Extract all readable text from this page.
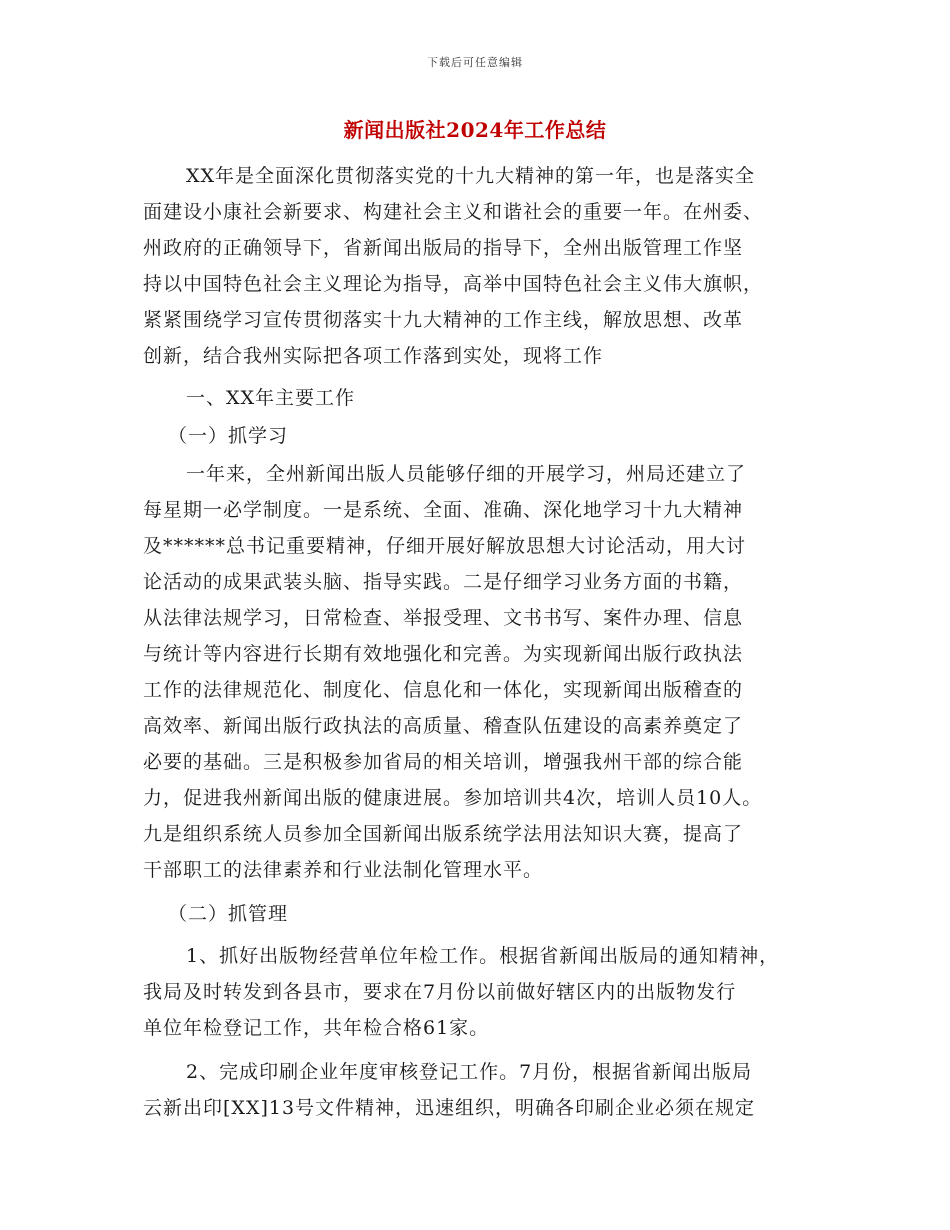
下载后可任意编辑
新闻出版社2024年工作总结
XX年是全面深化贯彻落实党的十九大精神的第一年，也是落实全
面建设小康社会新要求、构建社会主义和谐社会的重要一年。在州委、
州政府的正确领导下，省新闻出版局的指导下，全州出版管理工作坚
持以中国特色社会主义理论为指导，高举中国特色社会主义伟大旗帜，
紧紧围绕学习宣传贯彻落实十九大精神的工作主线，解放思想、改革
创新，结合我州实际把各项工作落到实处，现将工作
一、XX年主要工作
（一）抓学习
一年来，全州新闻出版人员能够仔细的开展学习，州局还建立了
每星期一必学制度。一是系统、全面、准确、深化地学习十九大精神
及******总书记重要精神，仔细开展好解放思想大讨论活动，用大讨
论活动的成果武装头脑、指导实践。二是仔细学习业务方面的书籍，
从法律法规学习，日常检查、举报受理、文书书写、案件办理、信息
与统计等内容进行长期有效地强化和完善。为实现新闻出版行政执法
工作的法律规范化、制度化、信息化和一体化，实现新闻出版稽查的
高效率、新闻出版行政执法的高质量、稽查队伍建设的高素养奠定了
必要的基础。三是积极参加省局的相关培训，增强我州干部的综合能
力，促进我州新闻出版的健康进展。参加培训共4次，培训人员10人。
九是组织系统人员参加全国新闻出版系统学法用法知识大赛，提高了
干部职工的法律素养和行业法制化管理水平。
（二）抓管理
1、抓好出版物经营单位年检工作。根据省新闻出版局的通知精神，
我局及时转发到各县市，要求在7月份以前做好辖区内的出版物发行
单位年检登记工作，共年检合格61家。
2、完成印刷企业年度审核登记工作。7月份，根据省新闻出版局
云新出印[XX]13号文件精神，迅速组织，明确各印刷企业必须在规定
